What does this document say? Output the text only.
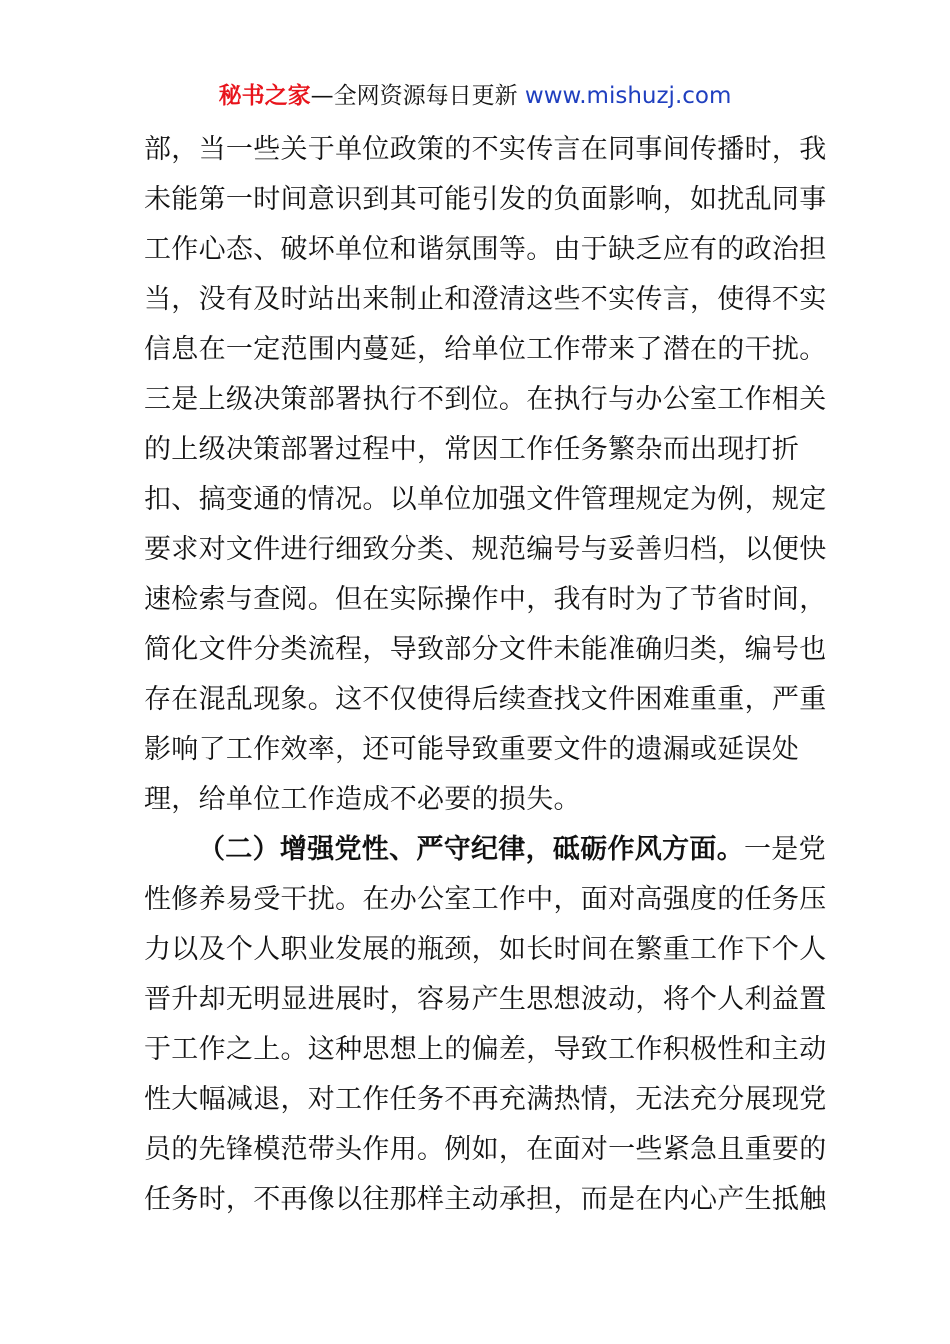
秘书之家—全网资源每日更新 www.mishuzj.com
部，当一些关于单位政策的不实传言在同事间传播时，我
未能第一时间意识到其可能引发的负面影响，如扰乱同事
工作心态、破坏单位和谐氛围等。由于缺乏应有的政治担
当，没有及时站出来制止和澄清这些不实传言，使得不实
信息在一定范围内蔓延，给单位工作带来了潜在的干扰。
三是上级决策部署执行不到位。在执行与办公室工作相关
的上级决策部署过程中，常因工作任务繁杂而出现打折
扣、搞变通的情况。以单位加强文件管理规定为例，规定
要求对文件进行细致分类、规范编号与妥善归档，以便快
速检索与查阅。但在实际操作中，我有时为了节省时间，
简化文件分类流程，导致部分文件未能准确归类，编号也
存在混乱现象。这不仅使得后续查找文件困难重重，严重
影响了工作效率，还可能导致重要文件的遗漏或延误处
理，给单位工作造成不必要的损失。
（二）增强党性、严守纪律，砥砺作风方面。一是党
性修养易受干扰。在办公室工作中，面对高强度的任务压
力以及个人职业发展的瓶颈，如长时间在繁重工作下个人
晋升却无明显进展时，容易产生思想波动，将个人利益置
于工作之上。这种思想上的偏差，导致工作积极性和主动
性大幅减退，对工作任务不再充满热情，无法充分展现党
员的先锋模范带头作用。例如，在面对一些紧急且重要的
任务时，不再像以往那样主动承担，而是在内心产生抵触
